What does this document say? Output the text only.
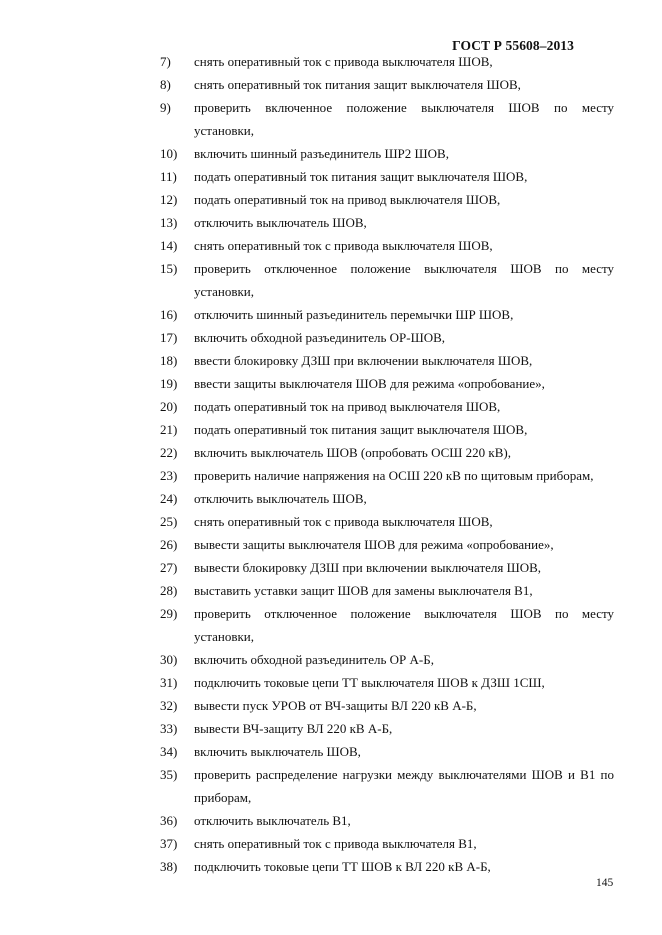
ГОСТ Р 55608–2013
7)	снять оперативный ток с привода выключателя ШОВ,
8)	снять оперативный ток питания защит выключателя ШОВ,
9)	проверить включенное положение выключателя ШОВ по месту
установки,
10)	включить шинный разъединитель ШР2 ШОВ,
11)	подать оперативный ток питания защит выключателя ШОВ,
12)	подать оперативный ток на привод выключателя ШОВ,
13)	отключить выключатель ШОВ,
14)	снять оперативный ток с привода выключателя ШОВ,
15)	проверить отключенное положение выключателя ШОВ по месту
установки,
16)	отключить шинный разъединитель перемычки ШР ШОВ,
17)	включить обходной разъединитель ОР-ШОВ,
18)	ввести блокировку ДЗШ при включении выключателя ШОВ,
19)	ввести защиты выключателя ШОВ для режима «опробование»,
20)	подать оперативный ток на привод выключателя ШОВ,
21)	подать оперативный ток питания защит выключателя ШОВ,
22)	включить выключатель ШОВ (опробовать ОСШ 220 кВ),
23)	проверить наличие напряжения на ОСШ 220 кВ по щитовым приборам,
24)	отключить выключатель ШОВ,
25)	снять оперативный ток с привода выключателя ШОВ,
26)	вывести защиты выключателя ШОВ для режима «опробование»,
27)	вывести блокировку ДЗШ при включении выключателя ШОВ,
28)	выставить уставки защит ШОВ для замены выключателя В1,
29)	проверить отключенное положение выключателя ШОВ по месту
установки,
30)	включить обходной разъединитель ОР А-Б,
31)	подключить токовые цепи ТТ выключателя ШОВ к ДЗШ 1СШ,
32)	вывести пуск УРОВ от ВЧ-защиты ВЛ 220 кВ А-Б,
33)	вывести ВЧ-защиту ВЛ 220 кВ А-Б,
34)	включить выключатель ШОВ,
35)	проверить распределение нагрузки между выключателями ШОВ и В1 по
приборам,
36)	отключить выключатель В1,
37)	снять оперативный ток с привода выключателя В1,
38)	подключить токовые цепи ТТ ШОВ к ВЛ 220 кВ А-Б,
145
